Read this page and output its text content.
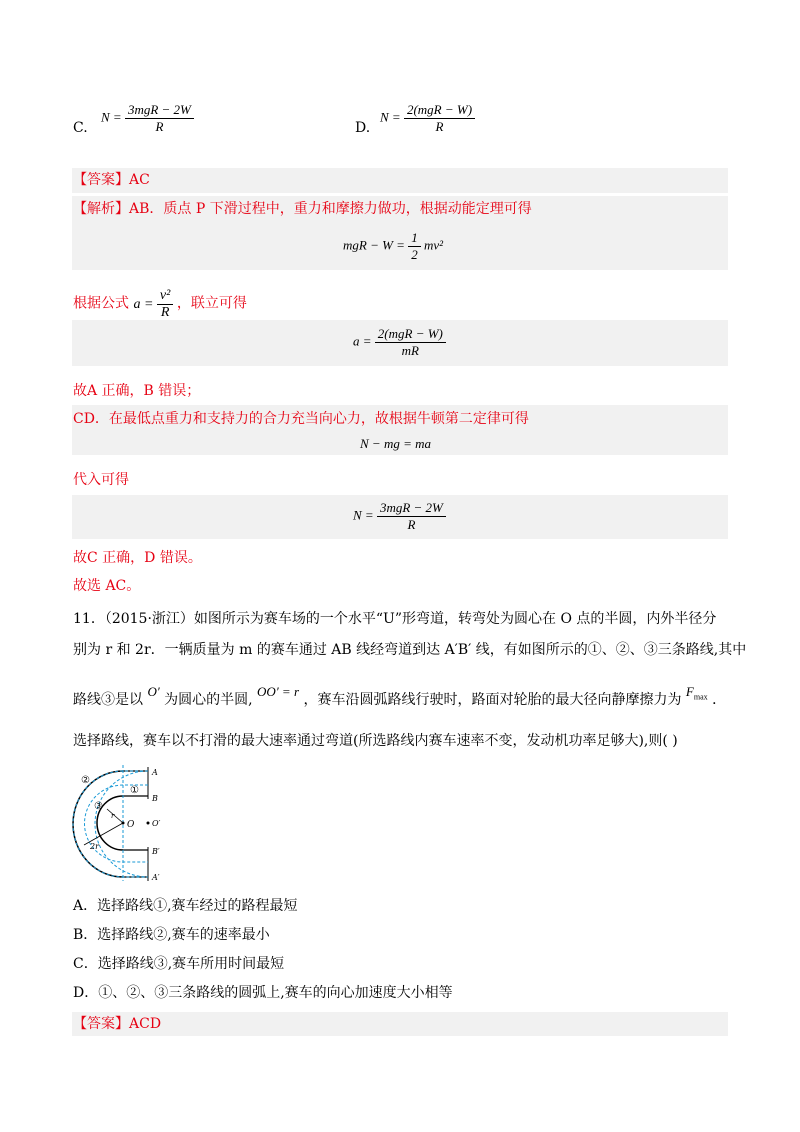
C.
$N = \frac{\text{3mgR − 2W}}{R}$	D.
$N = \frac{\text{2(mgR − W)}}{R}$
【答案】AC
【解析】AB．质点 P 下滑过程中，重力和摩擦力做功，根据动能定理可得
mgR − $W = \frac{1}{2} mv^2$
根据公式 $a = \frac{\text{v²}}{R}$ ，联立可得
$a = \frac{\text{2(mgR − W)}}{mR}$
故A 正确，B 错误；
CD．在最低点重力和支持力的合力充当向心力，故根据牛顿第二定律可得
N − mg = ma
代入可得
$N = \frac{\text{3mgR − 2W}}{R}$
故C 正确，D 错误。
故选 AC。
11．（2015·浙江）如图所示为赛车场的一个水平“U”形弯道，转弯处为圆心在 O 点的半圆，内外半径分
别为 r 和 2r．一辆质量为 m 的赛车通过 AB 线经弯道到达 A′B′ 线，有如图所示的①、②、③三条路线,其中
路线③是以 O′ 为圆心的半圆, OO′ = r ，赛车沿圆弧路线行驶时，路面对轮胎的最大径向静摩擦力为 $F_{max}$ ．
选择路线，赛车以不打滑的最大速率通过弯道(所选路线内赛车速率不变，发动机功率足够大),则( )
A
B
B′
A′
O O′
r
2r
①
②
③
A．选择路线①,赛车经过的路程最短
B．选择路线②,赛车的速率最小
C．选择路线③,赛车所用时间最短
D．①、②、③三条路线的圆弧上,赛车的向心加速度大小相等
【答案】ACD
